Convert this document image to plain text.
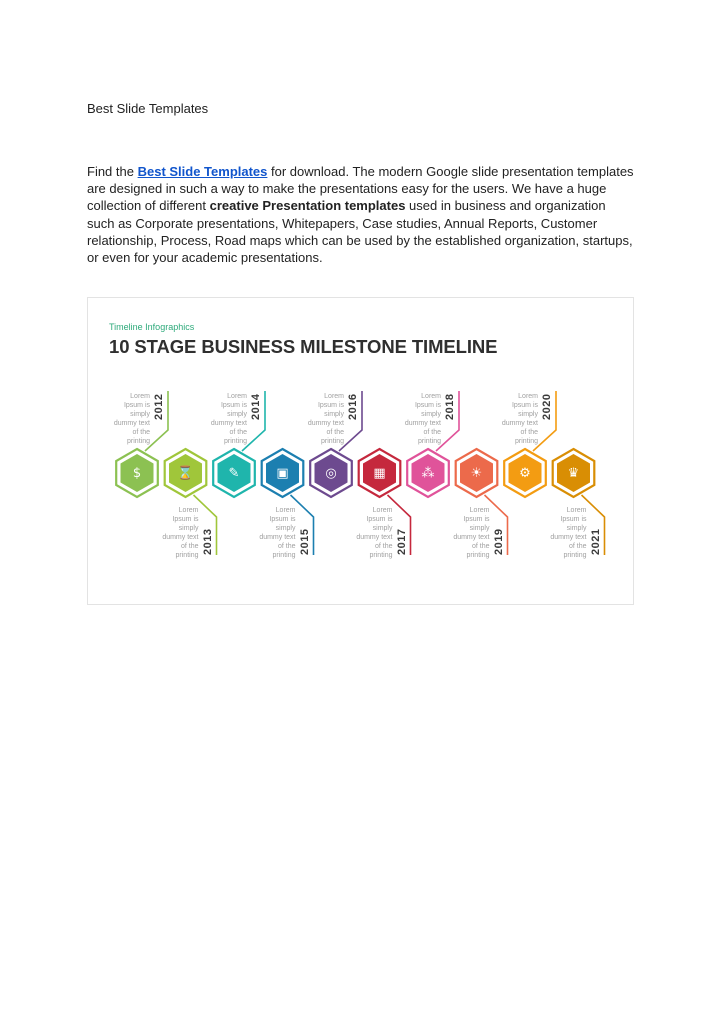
Best Slide Templates

Find the Best Slide Templates for download. The modern Google slide presentation templates are designed in such a way to make the presentations easy for the users. We have a huge collection of different creative Presentation templates used in business and organization such as Corporate presentations, Whitepapers, Case studies, Annual Reports, Customer relationship, Process, Road maps which can be used by the established organization, startups, or even for your academic presentations.

Timeline Infographics
10 STAGE BUSINESS MILESTONE TIMELINE
$
2012
Lorem Ipsum is simply dummy text of the printing
⌛
2013
Lorem Ipsum is simply dummy text of the printing
✎
2014
Lorem Ipsum is simply dummy text of the printing
▣
2015
Lorem Ipsum is simply dummy text of the printing
◎
2016
Lorem Ipsum is simply dummy text of the printing
▦
2017
Lorem Ipsum is simply dummy text of the printing
⁂
2018
Lorem Ipsum is simply dummy text of the printing
☀
2019
Lorem Ipsum is simply dummy text of the printing
⚙
2020
Lorem Ipsum is simply dummy text of the printing
♛
2021
Lorem Ipsum is simply dummy text of the printing
